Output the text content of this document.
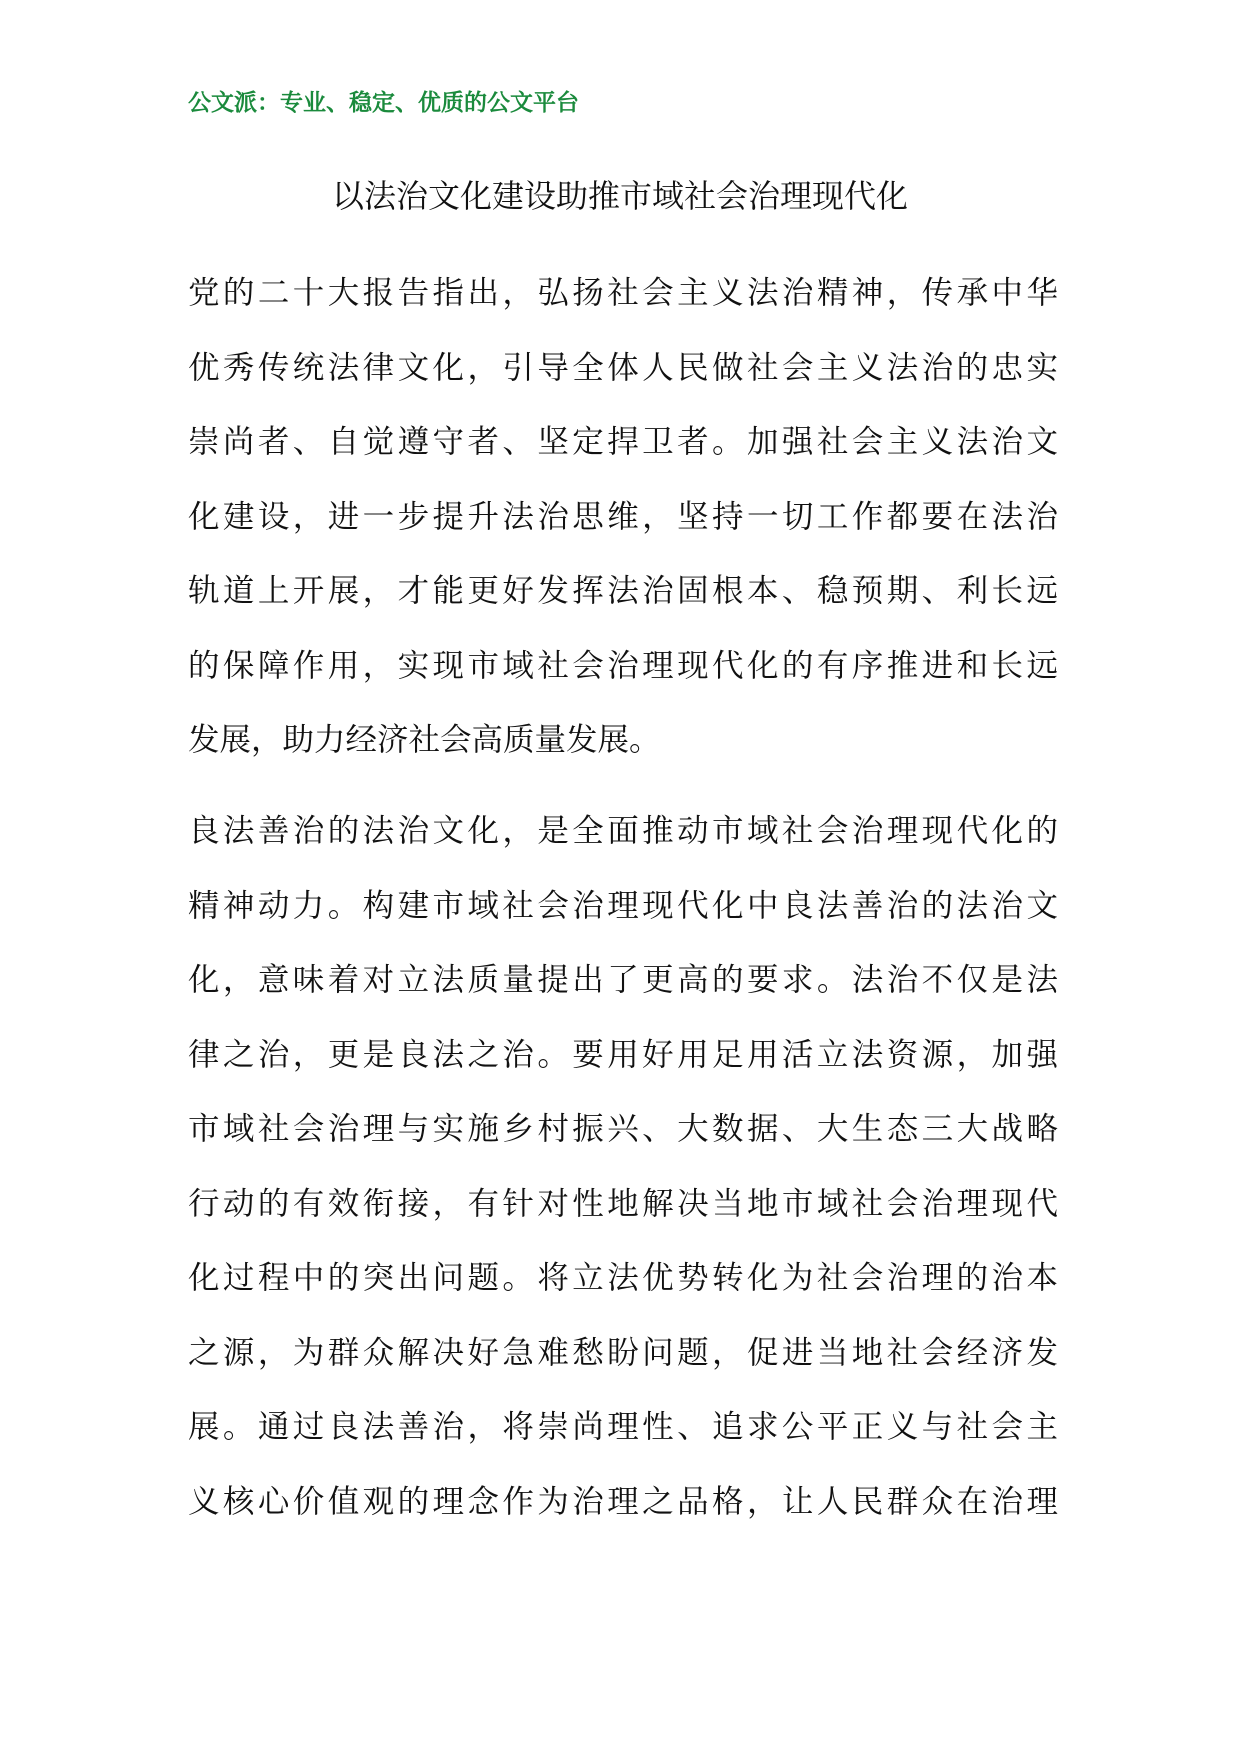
公文派：专业、稳定、优质的公文平台
以法治文化建设助推市域社会治理现代化
党的二十大报告指出，弘扬社会主义法治精神，传承中华
优秀传统法律文化，引导全体人民做社会主义法治的忠实
崇尚者、自觉遵守者、坚定捍卫者。加强社会主义法治文
化建设，进一步提升法治思维，坚持一切工作都要在法治
轨道上开展，才能更好发挥法治固根本、稳预期、利长远
的保障作用，实现市域社会治理现代化的有序推进和长远
发展，助力经济社会高质量发展。
良法善治的法治文化，是全面推动市域社会治理现代化的
精神动力。构建市域社会治理现代化中良法善治的法治文
化，意味着对立法质量提出了更高的要求。法治不仅是法
律之治，更是良法之治。要用好用足用活立法资源，加强
市域社会治理与实施乡村振兴、大数据、大生态三大战略
行动的有效衔接，有针对性地解决当地市域社会治理现代
化过程中的突出问题。将立法优势转化为社会治理的治本
之源，为群众解决好急难愁盼问题，促进当地社会经济发
展。通过良法善治，将崇尚理性、追求公平正义与社会主
义核心价值观的理念作为治理之品格，让人民群众在治理
